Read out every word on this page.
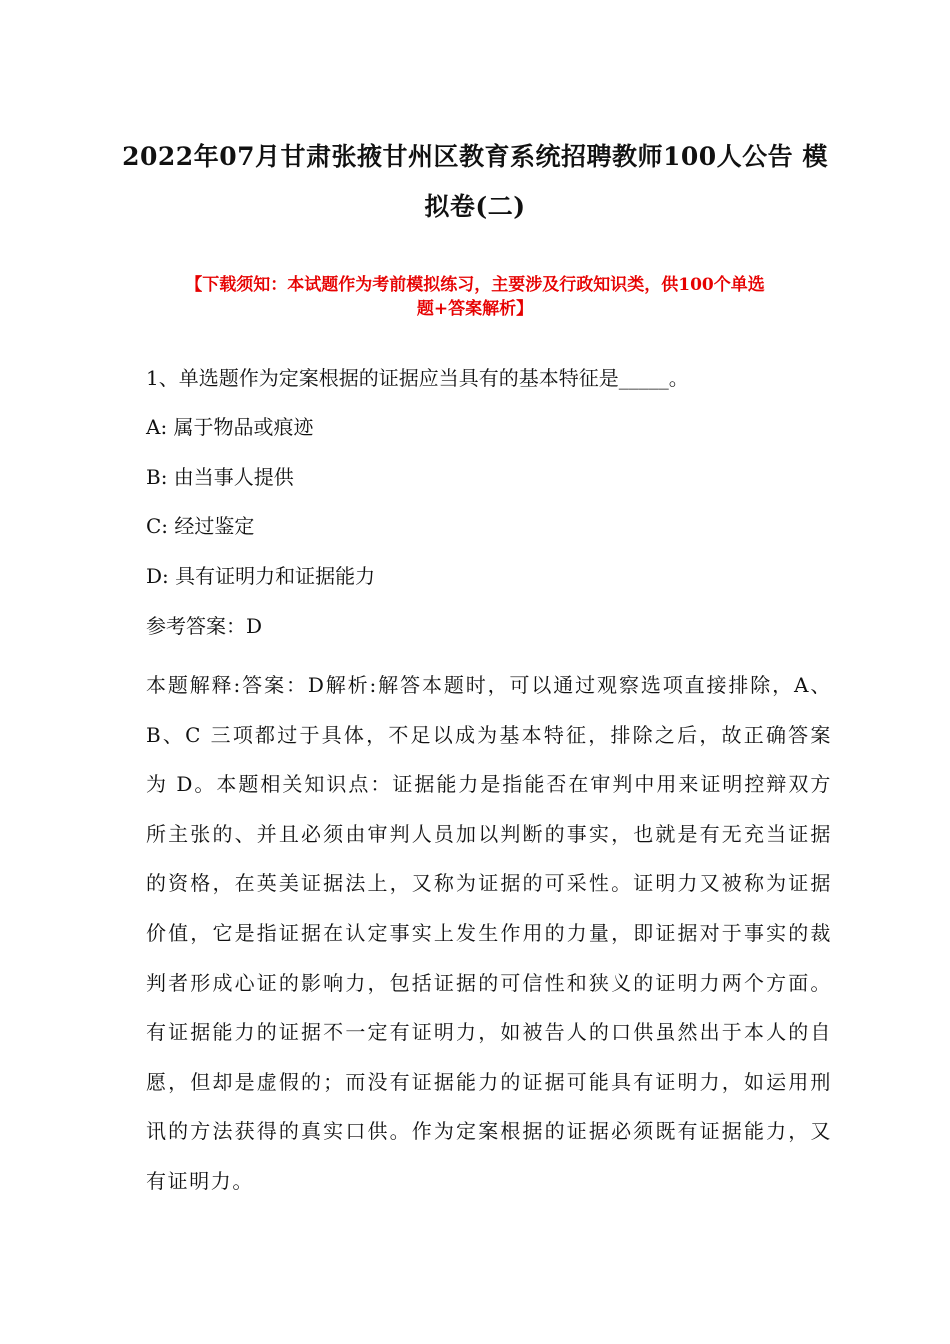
2022年07月甘肃张掖甘州区教育系统招聘教师100人公告 模
拟卷(二)
【下载须知：本试题作为考前模拟练习，主要涉及行政知识类，供100个单选
题+答案解析】
1、单选题作为定案根据的证据应当具有的基本特征是_____。
A: 属于物品或痕迹
B: 由当事人提供
C: 经过鉴定
D: 具有证明力和证据能力
参考答案：D
本题解释:答案：D解析:解答本题时，可以通过观察选项直接排除，A、B、C 三项都过于具体，不足以成为基本特征，排除之后，故正确答案为 D。本题相关知识点：证据能力是指能否在审判中用来证明控辩双方所主张的、并且必须由审判人员加以判断的事实，也就是有无充当证据的资格，在英美证据法上，又称为证据的可采性。证明力又被称为证据价值，它是指证据在认定事实上发生作用的力量，即证据对于事实的裁判者形成心证的影响力，包括证据的可信性和狭义的证明力两个方面。有证据能力的证据不一定有证明力，如被告人的口供虽然出于本人的自愿，但却是虚假的；而没有证据能力的证据可能具有证明力，如运用刑讯的方法获得的真实口供。作为定案根据的证据必须既有证据能力，又有证明力。
